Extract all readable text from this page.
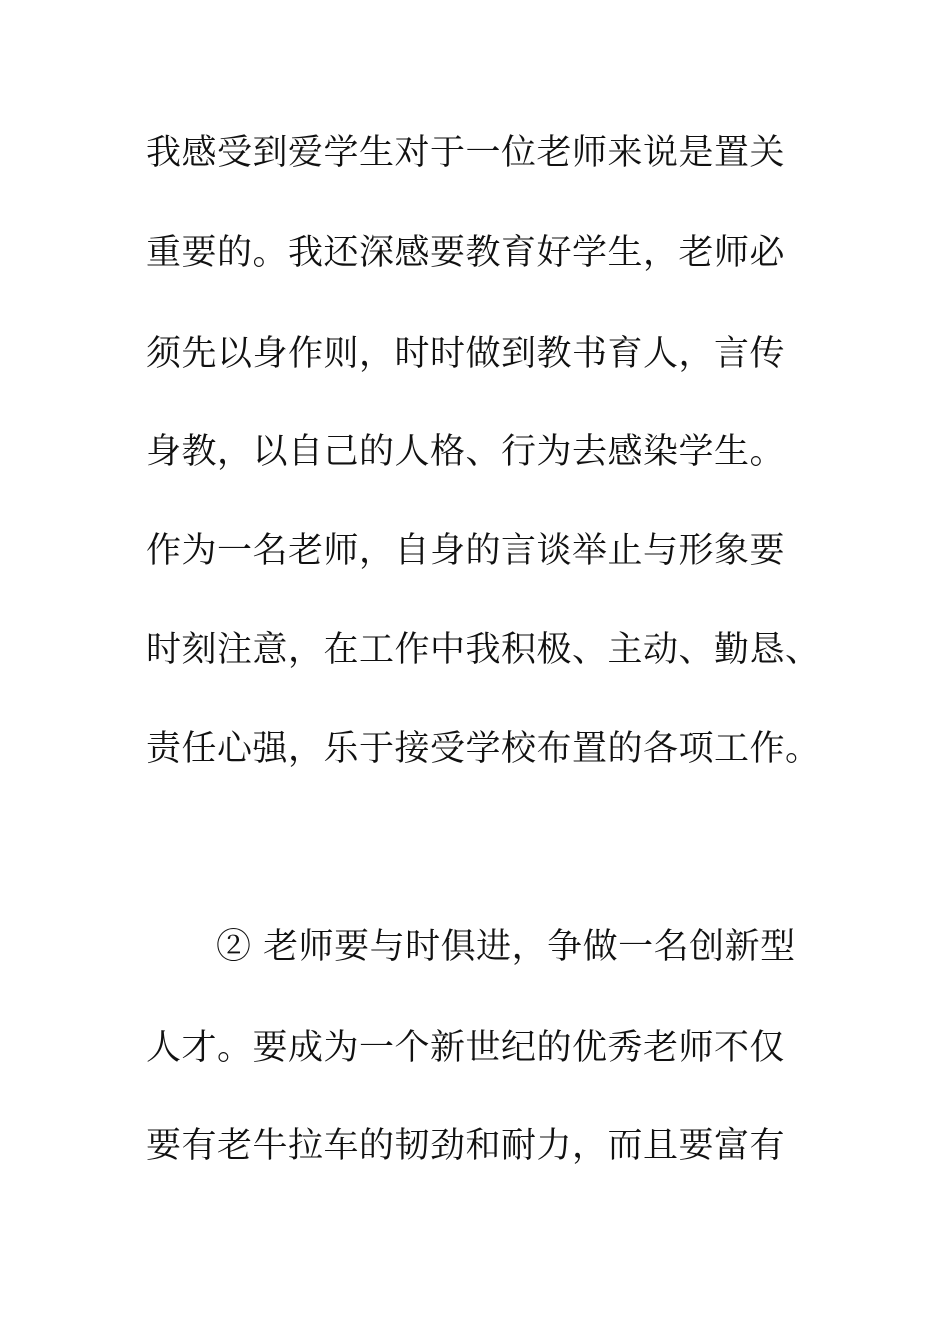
我感受到爱学生对于一位老师来说是置关
重要的。我还深感要教育好学生，老师必
须先以身作则，时时做到教书育人，言传
身教，以自己的人格、行为去感染学生。
作为一名老师，自身的言谈举止与形象要
时刻注意，在工作中我积极、主动、勤恳、
责任心强，乐于接受学校布置的各项工作。
② 老师要与时俱进，争做一名创新型
人才。要成为一个新世纪的优秀老师不仅
要有老牛拉车的韧劲和耐力，而且要富有
